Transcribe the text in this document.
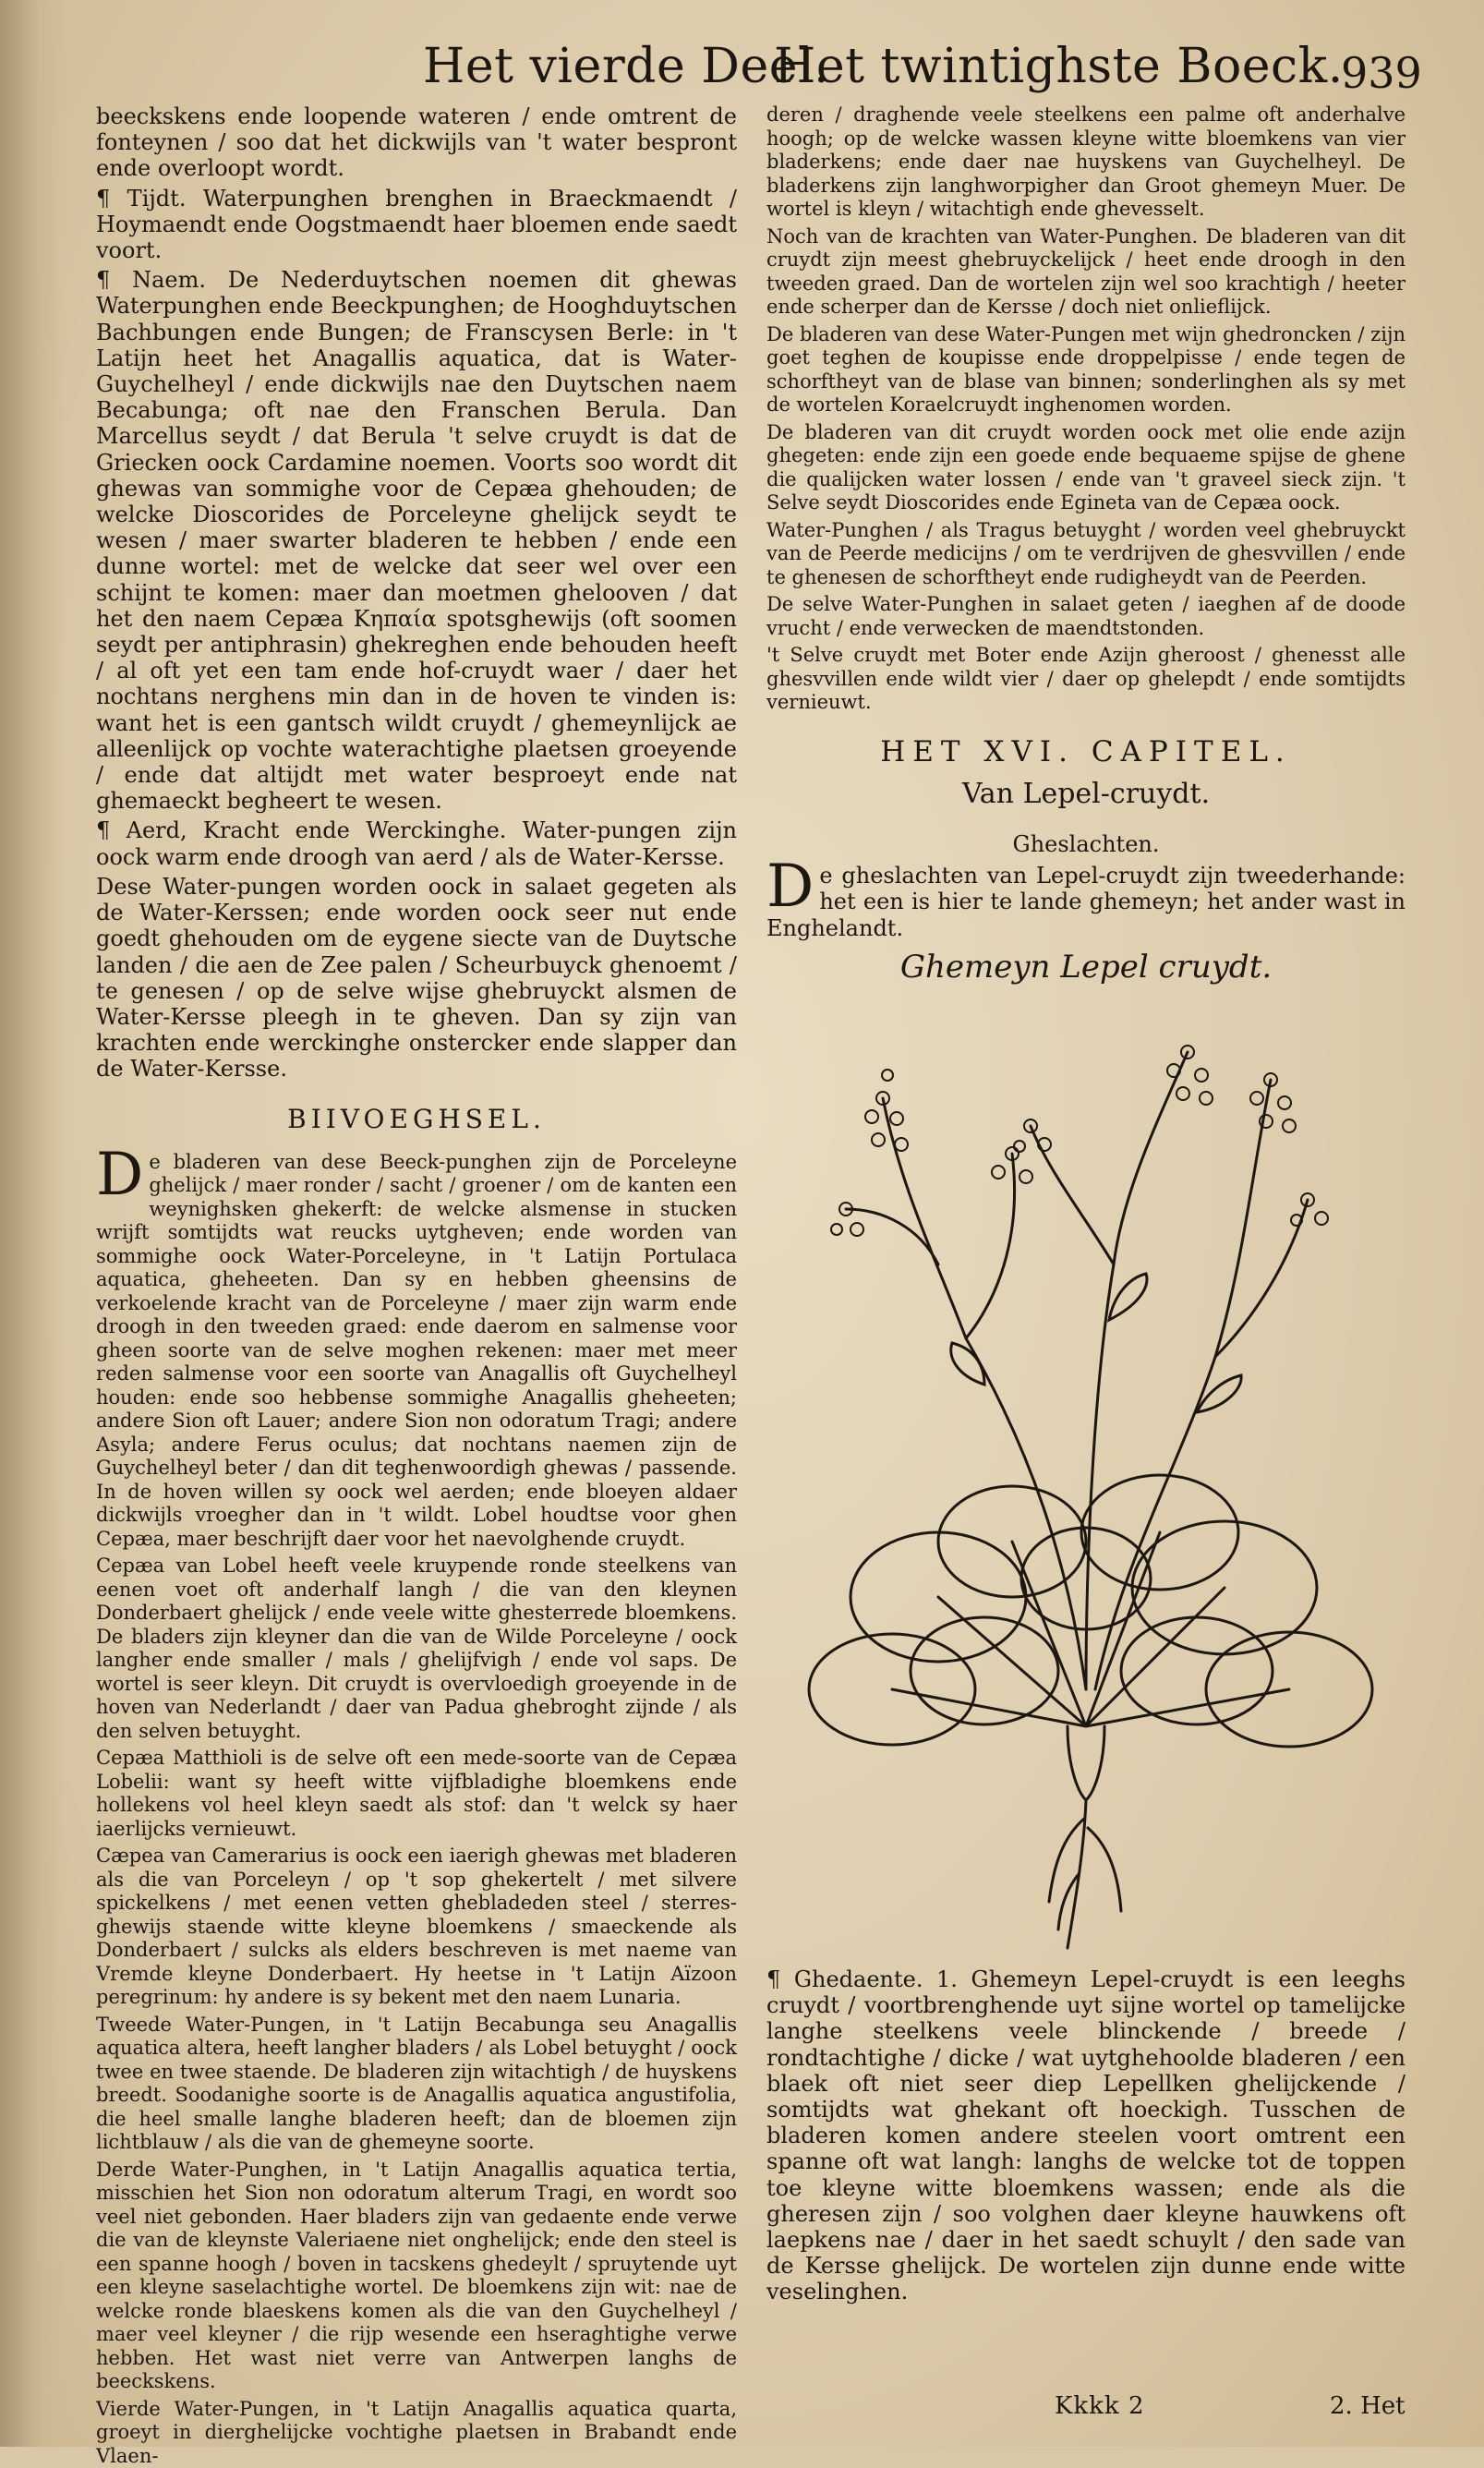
Het vierde Deel.
Het twintighste Boeck.
939

beeckskens ende loopende wateren / ende omtrent de fonteynen / soo dat het dickwijls van 't water bespront ende overloopt wordt.

¶ Tijdt. Waterpunghen brenghen in Braeckmaendt / Hoymaendt ende Oogstmaendt haer bloemen ende saedt voort.

¶ Naem. De Nederduytschen noemen dit ghewas Waterpunghen ende Beeckpunghen; de Hooghduytschen Bachbungen ende Bungen; de Franscysen Berle: in 't Latijn heet het Anagallis aquatica, dat is Water-Guychelheyl / ende dickwijls nae den Duytschen naem Becabunga; oft nae den Franschen Berula. Dan Marcellus seydt / dat Berula 't selve cruydt is dat de Griecken oock Cardamine noemen. Voorts soo wordt dit ghewas van sommighe voor de Cepæa ghehouden; de welcke Dioscorides de Porceleyne ghelijck seydt te wesen / maer swarter bladeren te hebben / ende een dunne wortel: met de welcke dat seer wel over een schijnt te komen: maer dan moetmen ghelooven / dat het den naem Cepæa Κηπαία spotsghewijs (oft soomen seydt per antiphrasin) ghekreghen ende behouden heeft / al oft yet een tam ende hof-cruydt waer / daer het nochtans nerghens min dan in de hoven te vinden is: want het is een gantsch wildt cruydt / ghemeynlijck ae alleenlijck op vochte waterachtighe plaetsen groeyende / ende dat altijdt met water besproeyt ende nat ghemaeckt begheert te wesen.

¶ Aerd, Kracht ende Werckinghe. Water-pungen zijn oock warm ende droogh van aerd / als de Water-Kersse.

Dese Water-pungen worden oock in salaet gegeten als de Water-Kerssen; ende worden oock seer nut ende goedt ghehouden om de eygene siecte van de Duytsche landen / die aen de Zee palen / Scheurbuyck ghenoemt / te genesen / op de selve wijse ghebruyckt alsmen de Water-Kersse pleegh in te gheven. Dan sy zijn van krachten ende werckinghe onstercker ende slapper dan de Water-Kersse.

BIIVOEGHSEL.

De bladeren van dese Beeck-punghen zijn de Porceleyne ghelijck / maer ronder / sacht / groener / om de kanten een weynighsken ghekerft: de welcke alsmense in stucken wrijft somtijdts wat reucks uytgheven; ende worden van sommighe oock Water-Porceleyne, in 't Latijn Portulaca aquatica, gheheeten. Dan sy en hebben gheensins de verkoelende kracht van de Porceleyne / maer zijn warm ende droogh in den tweeden graed: ende daerom en salmense voor gheen soorte van de selve moghen rekenen: maer met meer reden salmense voor een soorte van Anagallis oft Guychelheyl houden: ende soo hebbense sommighe Anagallis gheheeten; andere Sion oft Lauer; andere Sion non odoratum Tragi; andere Asyla; andere Ferus oculus; dat nochtans naemen zijn de Guychelheyl beter / dan dit teghenwoordigh ghewas / passende. In de hoven willen sy oock wel aerden; ende bloeyen aldaer dickwijls vroegher dan in 't wildt. Lobel houdtse voor ghen Cepæa, maer beschrijft daer voor het naevolghende cruydt.

Cepæa van Lobel heeft veele kruypende ronde steelkens van eenen voet oft anderhalf langh / die van den kleynen Donderbaert ghelijck / ende veele witte ghesterrede bloemkens. De bladers zijn kleyner dan die van de Wilde Porceleyne / oock langher ende smaller / mals / ghelijfvigh / ende vol saps. De wortel is seer kleyn. Dit cruydt is overvloedigh groeyende in de hoven van Nederlandt / daer van Padua ghebroght zijnde / als den selven betuyght.

Cepæa Matthioli is de selve oft een mede-soorte van de Cepæa Lobelii: want sy heeft witte vijfbladighe bloemkens ende hollekens vol heel kleyn saedt als stof: dan 't welck sy haer iaerlijcks vernieuwt.

Cæpea van Camerarius is oock een iaerigh ghewas met bladeren als die van Porceleyn / op 't sop ghekertelt / met silvere spickelkens / met eenen vetten ghebladeden steel / sterres-ghewijs staende witte kleyne bloemkens / smaeckende als Donderbaert / sulcks als elders beschreven is met naeme van Vremde kleyne Donderbaert. Hy heetse in 't Latijn Aïzoon peregrinum: hy andere is sy bekent met den naem Lunaria.

Tweede Water-Pungen, in 't Latijn Becabunga seu Anagallis aquatica altera, heeft langher bladers / als Lobel betuyght / oock twee en twee staende. De bladeren zijn witachtigh / de huyskens breedt. Soodanighe soorte is de Anagallis aquatica angustifolia, die heel smalle langhe bladeren heeft; dan de bloemen zijn lichtblauw / als die van de ghemeyne soorte.

Derde Water-Punghen, in 't Latijn Anagallis aquatica tertia, misschien het Sion non odoratum alterum Tragi, en wordt soo veel niet gebonden. Haer bladers zijn van gedaente ende verwe die van de kleynste Valeriaene niet onghelijck; ende den steel is een spanne hoogh / boven in tacskens ghedeylt / spruytende uyt een kleyne saselachtighe wortel. De bloemkens zijn wit: nae de welcke ronde blaeskens komen als die van den Guychelheyl / maer veel kleyner / die rijp wesende een hseraghtighe verwe hebben. Het wast niet verre van Antwerpen langhs de beeckskens.

Vierde Water-Pungen, in 't Latijn Anagallis aquatica quarta, groeyt in dierghelijcke vochtighe plaetsen in Brabandt ende Vlaen-

deren / draghende veele steelkens een palme oft anderhalve hoogh; op de welcke wassen kleyne witte bloemkens van vier bladerkens; ende daer nae huyskens van Guychelheyl. De bladerkens zijn langhworpigher dan Groot ghemeyn Muer. De wortel is kleyn / witachtigh ende ghevesselt.

Noch van de krachten van Water-Punghen. De bladeren van dit cruydt zijn meest ghebruyckelijck / heet ende droogh in den tweeden graed. Dan de wortelen zijn wel soo krachtigh / heeter ende scherper dan de Kersse / doch niet onlieflijck.

De bladeren van dese Water-Pungen met wijn ghedroncken / zijn goet teghen de koupisse ende droppelpisse / ende tegen de schorftheyt van de blase van binnen; sonderlinghen als sy met de wortelen Koraelcruydt inghenomen worden.

De bladeren van dit cruydt worden oock met olie ende azijn ghegeten: ende zijn een goede ende bequaeme spijse de ghene die qualijcken water lossen / ende van 't graveel sieck zijn. 't Selve seydt Dioscorides ende Egineta van de Cepæa oock.

Water-Punghen / als Tragus betuyght / worden veel ghebruyckt van de Peerde medicijns / om te verdrijven de ghesvvillen / ende te ghenesen de schorftheyt ende rudigheydt van de Peerden.

De selve Water-Punghen in salaet geten / iaeghen af de doode vrucht / ende verwecken de maendtstonden.

't Selve cruydt met Boter ende Azijn gheroost / ghenesst alle ghesvvillen ende wildt vier / daer op ghelepdt / ende somtijdts vernieuwt.

HET XVI. CAPITEL.
Van Lepel-cruydt.
Gheslachten.

De gheslachten van Lepel-cruydt zijn tweederhande: het een is hier te lande ghemeyn; het ander wast in Enghelandt.

Ghemeyn Lepel cruydt.

¶ Ghedaente. 1. Ghemeyn Lepel-cruydt is een leeghs cruydt / voortbrenghende uyt sijne wortel op tamelijcke langhe steelkens veele blinckende / breede / rondtachtighe / dicke / wat uytghehoolde bladeren / een blaek oft niet seer diep Lepellken ghelijckende / somtijdts wat ghekant oft hoeckigh. Tusschen de bladeren komen andere steelen voort omtrent een spanne oft wat langh: langhs de welcke tot de toppen toe kleyne witte bloemkens wassen; ende als die gheresen zijn / soo volghen daer kleyne hauwkens oft laepkens nae / daer in het saedt schuylt / den sade van de Kersse ghelijck. De wortelen zijn dunne ende witte veselinghen.

Kkkk 2	2. Het
